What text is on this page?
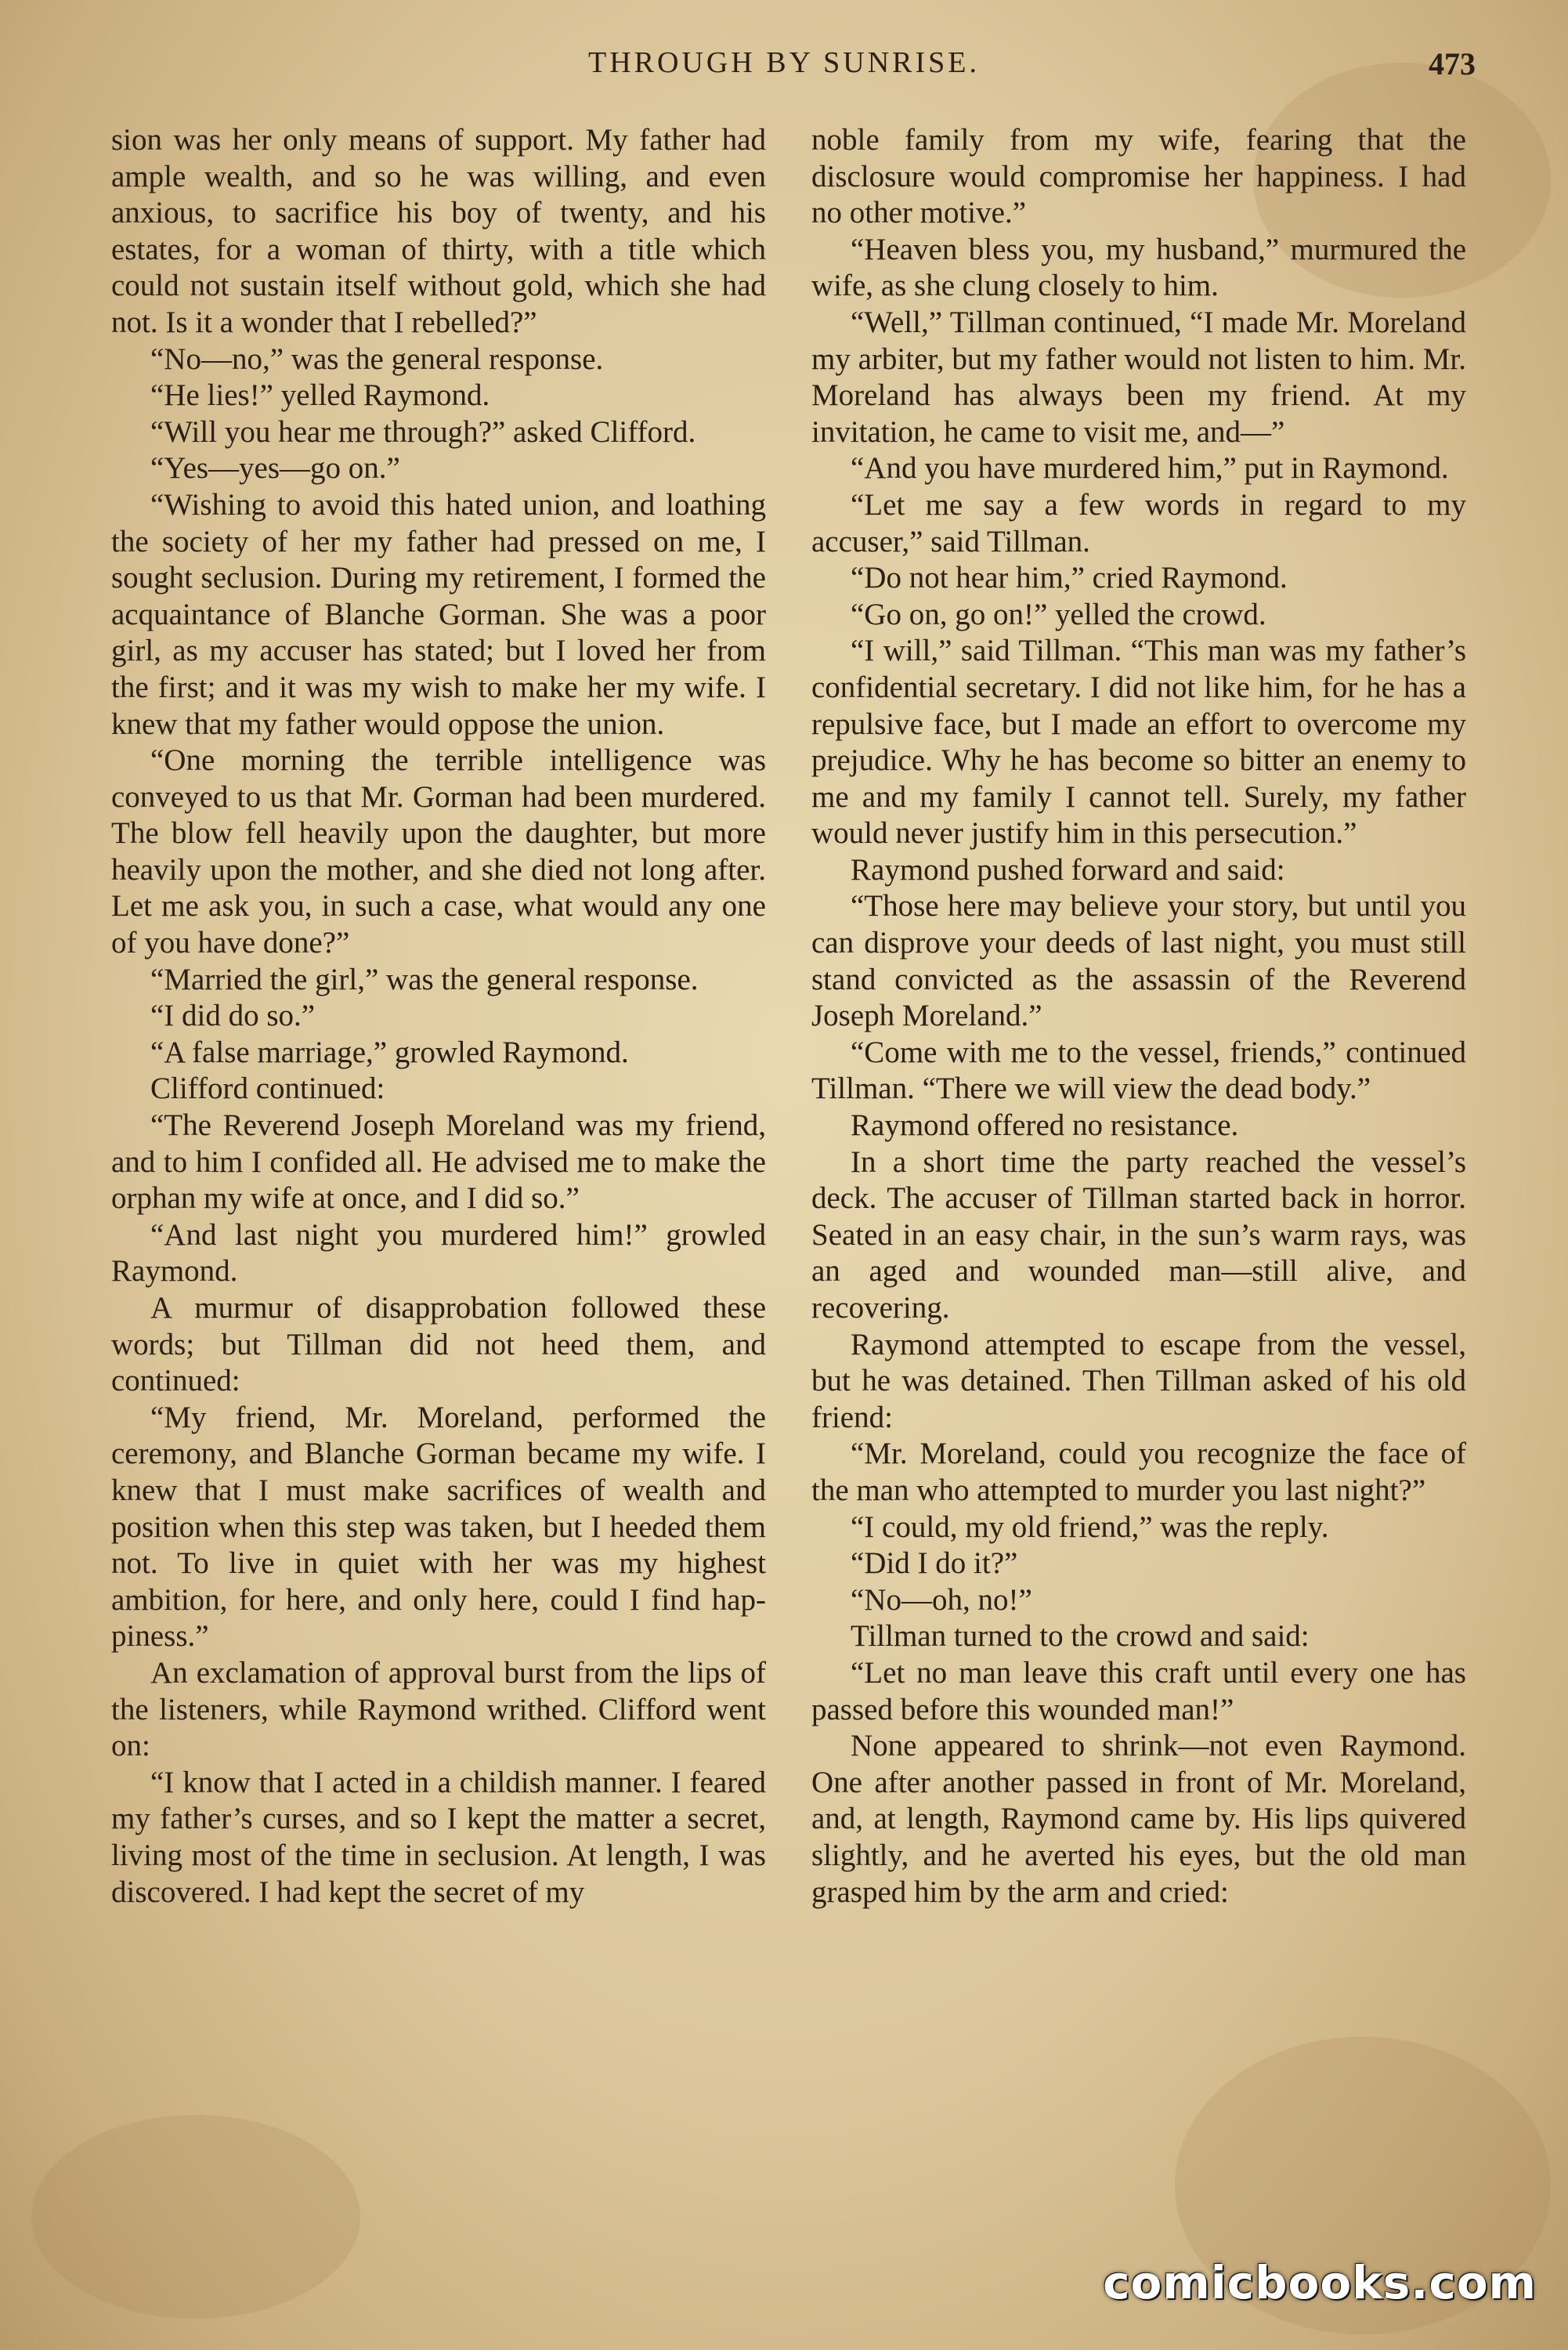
THROUGH BY SUNRISE.	473

sion was her only means of support. My father had ample wealth, and so he was willing, and even anxious, to sacrifice his boy of twenty, and his estates, for a woman of thirty, with a title which could not sustain itself without gold, which she had not. Is it a wonder that I rebelled?”

“No—no,” was the general response.

“He lies!” yelled Raymond.

“Will you hear me through?” asked Clifford.

“Yes—yes—go on.”

“Wishing to avoid this hated union, and loathing the society of her my father had pressed on me, I sought seclusion. During my retirement, I formed the acquaintance of Blanche Gorman. She was a poor girl, as my accuser has stated; but I loved her from the first; and it was my wish to make her my wife. I knew that my father would oppose the union.

“One morning the terrible intelligence was conveyed to us that Mr. Gorman had been murdered. The blow fell heavily upon the daughter, but more heavily upon the mother, and she died not long after. Let me ask you, in such a case, what would any one of you have done?”

“Married the girl,” was the general response.

“I did do so.”

“A false marriage,” growled Raymond.

Clifford continued:

“The Reverend Joseph Moreland was my friend, and to him I confided all. He advised me to make the orphan my wife at once, and I did so.”

“And last night you murdered him!” growled Raymond.

A murmur of disapprobation followed these words; but Tillman did not heed them, and continued:

“My friend, Mr. Moreland, performed the ceremony, and Blanche Gorman became my wife. I knew that I must make sacrifices of wealth and position when this step was taken, but I heeded them not. To live in quiet with her was my highest ambition, for here, and only here, could I find happiness.”

An exclamation of approval burst from the lips of the listeners, while Raymond writhed. Clifford went on:

“I know that I acted in a childish manner. I feared my father’s curses, and so I kept the matter a secret, living most of the time in seclusion. At length, I was discovered. I had kept the secret of my

noble family from my wife, fearing that the disclosure would compromise her happiness. I had no other motive.”

“Heaven bless you, my husband,” murmured the wife, as she clung closely to him.

“Well,” Tillman continued, “I made Mr. Moreland my arbiter, but my father would not listen to him. Mr. Moreland has always been my friend. At my invitation, he came to visit me, and—”

“And you have murdered him,” put in Raymond.

“Let me say a few words in regard to my accuser,” said Tillman.

“Do not hear him,” cried Raymond.

“Go on, go on!” yelled the crowd.

“I will,” said Tillman. “This man was my father’s confidential secretary. I did not like him, for he has a repulsive face, but I made an effort to overcome my prejudice. Why he has become so bitter an enemy to me and my family I cannot tell. Surely, my father would never justify him in this persecution.”

Raymond pushed forward and said:

“Those here may believe your story, but until you can disprove your deeds of last night, you must still stand convicted as the assassin of the Reverend Joseph Moreland.”

“Come with me to the vessel, friends,” continued Tillman. “There we will view the dead body.”

Raymond offered no resistance.

In a short time the party reached the vessel’s deck. The accuser of Tillman started back in horror. Seated in an easy chair, in the sun’s warm rays, was an aged and wounded man—still alive, and recovering.

Raymond attempted to escape from the vessel, but he was detained. Then Tillman asked of his old friend:

“Mr. Moreland, could you recognize the face of the man who attempted to murder you last night?”

“I could, my old friend,” was the reply.

“Did I do it?”

“No—oh, no!”

Tillman turned to the crowd and said:

“Let no man leave this craft until every one has passed before this wounded man!”

None appeared to shrink—not even Raymond. One after another passed in front of Mr. Moreland, and, at length, Raymond came by. His lips quivered slightly, and he averted his eyes, but the old man grasped him by the arm and cried:

comicbooks.com
